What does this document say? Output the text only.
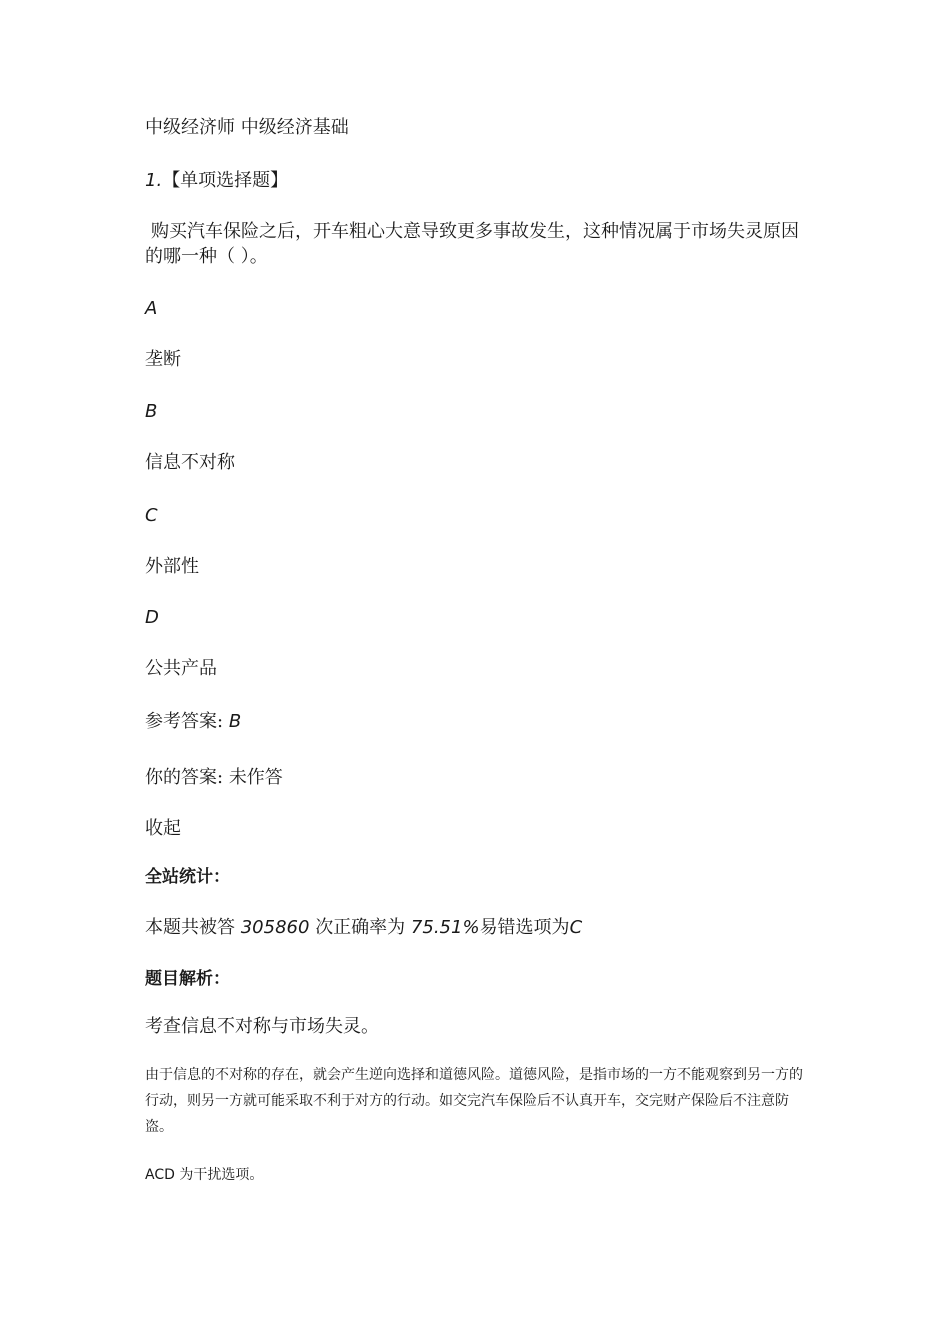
中级经济师 中级经济基础
1.【单项选择题】
购买汽车保险之后，开车粗心大意导致更多事故发生，这种情况属于市场失灵原因的哪一种（ ）。
A
垄断
B
信息不对称
C
外部性
D
公共产品
参考答案: B
你的答案: 未作答
收起
全站统计：
本题共被答 305860 次正确率为 75.51%易错选项为C
题目解析：
考查信息不对称与市场失灵。
由于信息的不对称的存在，就会产生逆向选择和道德风险。道德风险，是指市场的一方不能观察到另一方的行动，则另一方就可能采取不利于对方的行动。如交完汽车保险后不认真开车，交完财产保险后不注意防盗。
ACD 为干扰选项。
